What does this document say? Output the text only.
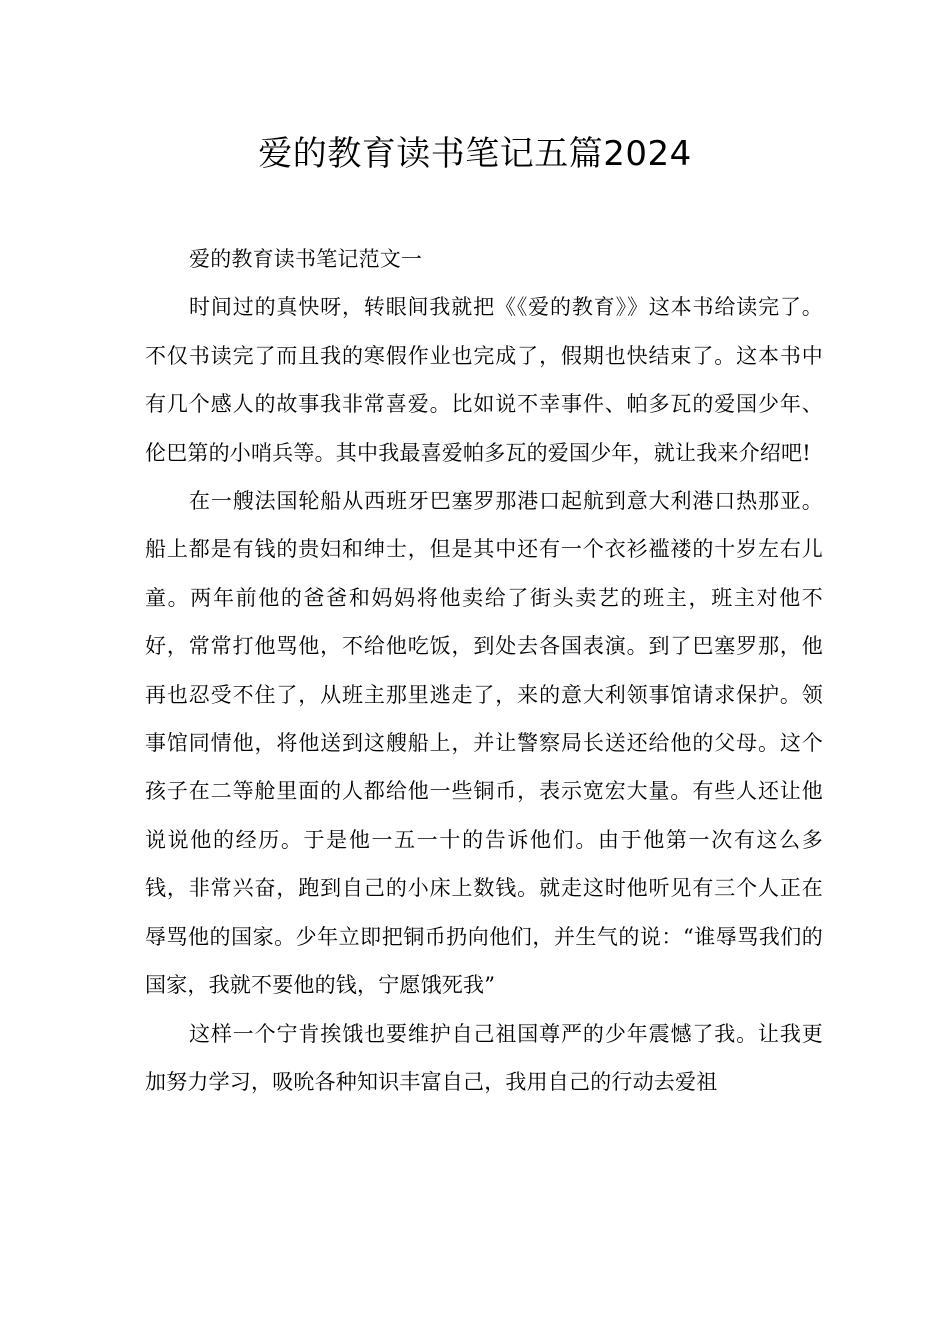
爱的教育读书笔记五篇2024

爱的教育读书笔记范文一

时间过的真快呀，转眼间我就把《《爱的教育》》这本书给读完了。不仅书读完了而且我的寒假作业也完成了，假期也快结束了。这本书中有几个感人的故事我非常喜爱。比如说不幸事件、帕多瓦的爱国少年、伦巴第的小哨兵等。其中我最喜爱帕多瓦的爱国少年，就让我来介绍吧!

在一艘法国轮船从西班牙巴塞罗那港口起航到意大利港口热那亚。船上都是有钱的贵妇和绅士，但是其中还有一个衣衫褴褛的十岁左右儿童。两年前他的爸爸和妈妈将他卖给了街头卖艺的班主，班主对他不好，常常打他骂他，不给他吃饭，到处去各国表演。到了巴塞罗那，他再也忍受不住了，从班主那里逃走了，来的意大利领事馆请求保护。领事馆同情他，将他送到这艘船上，并让警察局长送还给他的父母。这个孩子在二等舱里面的人都给他一些铜币，表示宽宏大量。有些人还让他说说他的经历。于是他一五一十的告诉他们。由于他第一次有这么多钱，非常兴奋，跑到自己的小床上数钱。就走这时他听见有三个人正在辱骂他的国家。少年立即把铜币扔向他们，并生气的说：“谁辱骂我们的国家，我就不要他的钱，宁愿饿死我”

这样一个宁肯挨饿也要维护自己祖国尊严的少年震憾了我。让我更加努力学习，吸吮各种知识丰富自己，我用自己的行动去爱祖
